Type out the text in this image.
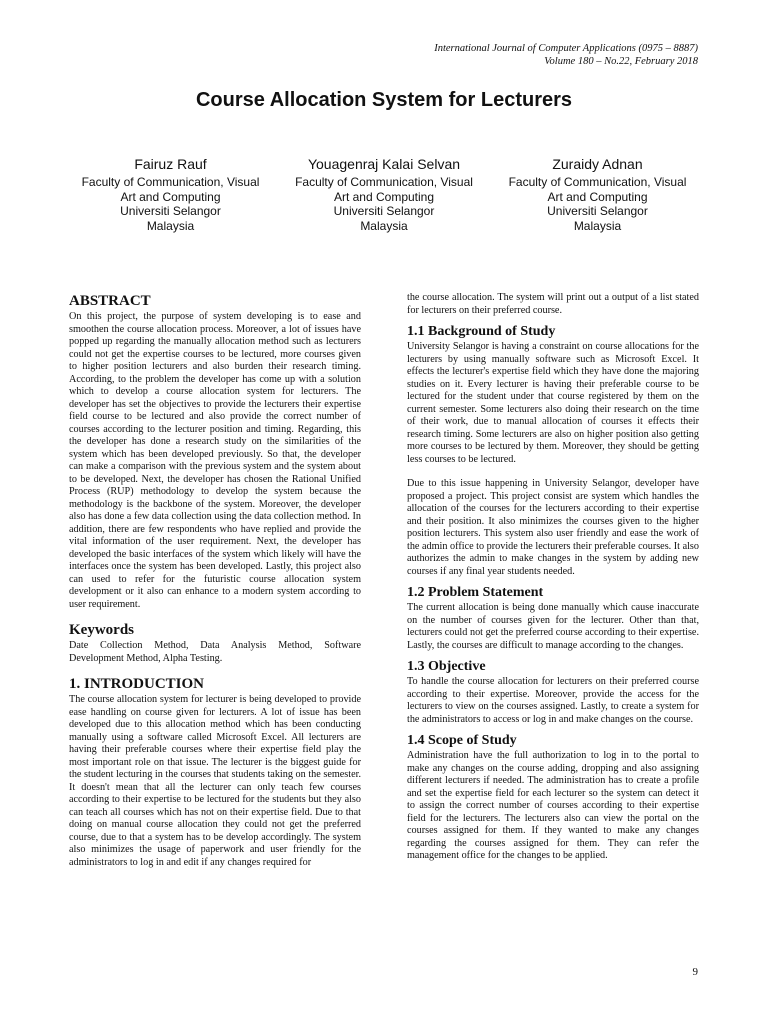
International Journal of Computer Applications (0975 – 8887)
Volume 180 – No.22, February 2018
Course Allocation System for Lecturers
Fairuz Rauf
Faculty of Communication, Visual
Art and Computing
Universiti Selangor
Malaysia
Youagenraj Kalai Selvan
Faculty of Communication, Visual
Art and Computing
Universiti Selangor
Malaysia
Zuraidy Adnan
Faculty of Communication, Visual
Art and Computing
Universiti Selangor
Malaysia
ABSTRACT

On this project, the purpose of system developing is to ease and smoothen the course allocation process. Moreover, a lot of issues have popped up regarding the manually allocation method such as lecturers could not get the expertise courses to be lectured, more courses given to higher position lecturers and also burden their research timing. According, to the problem the developer has come up with a solution which to develop a course allocation system for lecturers. The developer has set the objectives to provide the lecturers their expertise field course to be lectured and also provide the correct number of courses according to the lecturer position and timing. Regarding, this the developer has done a research study on the similarities of the system which has been developed previously. So that, the developer can make a comparison with the previous system and the system about to be developed. Next, the developer has chosen the Rational Unified Process (RUP) methodology to develop the system because the methodology is the backbone of the system. Moreover, the developer also has done a few data collection using the data collection method. In addition, there are few respondents who have replied and provide the vital information of the user requirement. Next, the developer has developed the basic interfaces of the system which likely will have the interfaces once the system has been developed. Lastly, this project also can used to refer for the futuristic course allocation system development or it also can enhance to a modern system according to user requirement.

Keywords

Date Collection Method, Data Analysis Method, Software Development Method, Alpha Testing.

1. INTRODUCTION

The course allocation system for lecturer is being developed to provide ease handling on course given for lecturers. A lot of issue has been developed due to this allocation method which has been conducting manually using a software called Microsoft Excel. All lecturers are having their preferable courses where their expertise field play the most important role on that issue. The lecturer is the biggest guide for the student lecturing in the courses that students taking on the semester. It doesn't mean that all the lecturer can only teach few courses according to their expertise to be lectured for the students but they also can teach all courses which has not on their expertise field. Due to that doing on manual course allocation they could not get the preferred course, due to that a system has to be develop accordingly. The system also minimizes the usage of paperwork and user friendly for the administrators to log in and edit if any changes required for

the course allocation. The system will print out a output of a list stated for lecturers on their preferred course.

1.1 Background of Study

University Selangor is having a constraint on course allocations for the lecturers by using manually software such as Microsoft Excel. It effects the lecturer's expertise field which they have done the majoring studies on it. Every lecturer is having their preferable course to be lectured for the student under that course registered by them on the current semester. Some lecturers also doing their research on the time of their work, due to manual allocation of courses it effects their research timing. Some lecturers are also on higher position also getting more courses to be lectured by them. Moreover, they should be getting less courses to be lectured.

Due to this issue happening in University Selangor, developer have proposed a project. This project consist are system which handles the allocation of the courses for the lecturers according to their expertise and their position. It also minimizes the courses given to the higher position lecturers. This system also user friendly and ease the work of the admin office to provide the lecturers their preferable courses. It also authorizes the admin to make changes in the system by adding new courses if any final year students needed.

1.2 Problem Statement

The current allocation is being done manually which cause inaccurate on the number of courses given for the lecturer. Other than that, lecturers could not get the preferred course according to their expertise. Lastly, the courses are difficult to manage according to the changes.

1.3 Objective

To handle the course allocation for lecturers on their preferred course according to their expertise. Moreover, provide the access for the lecturers to view on the courses assigned. Lastly, to create a system for the administrators to access or log in and make changes on the course.

1.4 Scope of Study

Administration have the full authorization to log in to the portal to make any changes on the course adding, dropping and also assigning different lecturers if needed. The administration has to create a profile and set the expertise field for each lecturer so the system can detect it to assign the correct number of courses according to their expertise field for the lecturers. The lecturers also can view the portal on the courses assigned for them. If they wanted to make any changes regarding the courses assigned for them. They can refer the management office for the changes to be applied.

9
